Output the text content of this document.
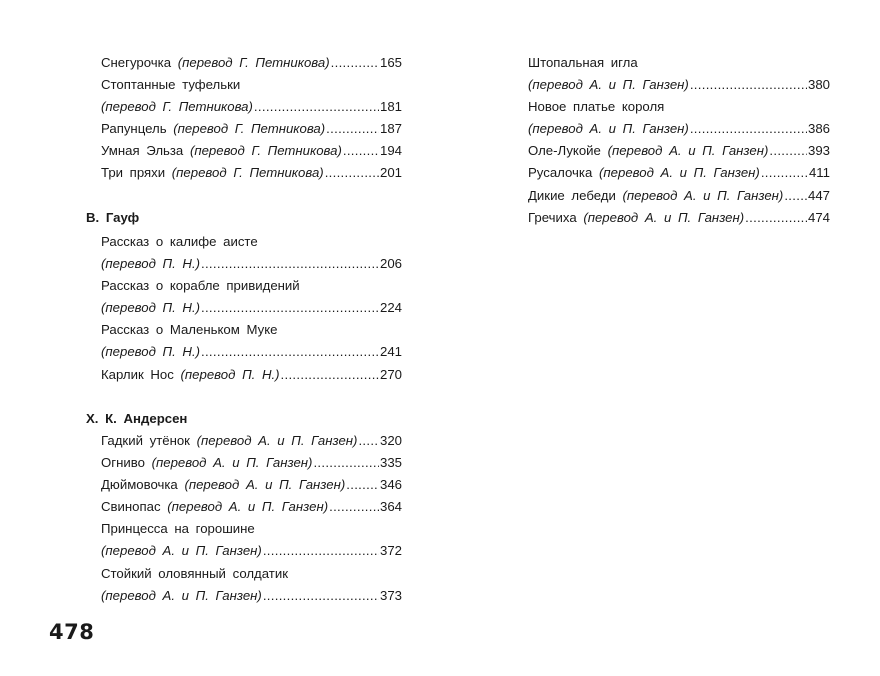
Снегурочка
(перевод Г. Петникова) .....	165
Стоптанные туфельки
(перевод Г. Петникова) .....	181
Рапунцель
(перевод Г. Петникова) .....	187
Умная Эльза
(перевод Г. Петникова) .....	194
Три пряхи
(перевод Г. Петникова) .....	201
В. Гауф
Рассказ о калифе аисте
(перевод П. Н.) .....	206
Рассказ о корабле привидений
(перевод П. Н.) .....	224
Рассказ о Маленьком Муке
(перевод П. Н.) .....	241
Карлик Нос
(перевод П. Н.) .....	270
Х. К. Андерсен
Гадкий утёнок
(перевод А. и П. Ганзен) ..... 320
Огниво
(перевод А. и П. Ганзен) .....	335
Дюймовочка
(перевод А. и П. Ганзен) .....	346
Свинопас
(перевод А. и П. Ганзен) .....	364
Принцесса на горошине
(перевод А. и П. Ганзен) .....	372
Стойкий оловянный солдатик
(перевод А. и П. Ганзен) .....	373
Штопальная игла
(перевод А. и П. Ганзен) .....	380
Новое платье короля
(перевод А. и П. Ганзен) .....	386
Оле-Лукойе
(перевод А. и П. Ганзен) .....	393
Русалочка
(перевод А. и П. Ганзен) .....	411
Дикие лебеди
(перевод А. и П. Ганзен) ..... 447
Гречиха
(перевод А. и П. Ганзен) .....	474
478
